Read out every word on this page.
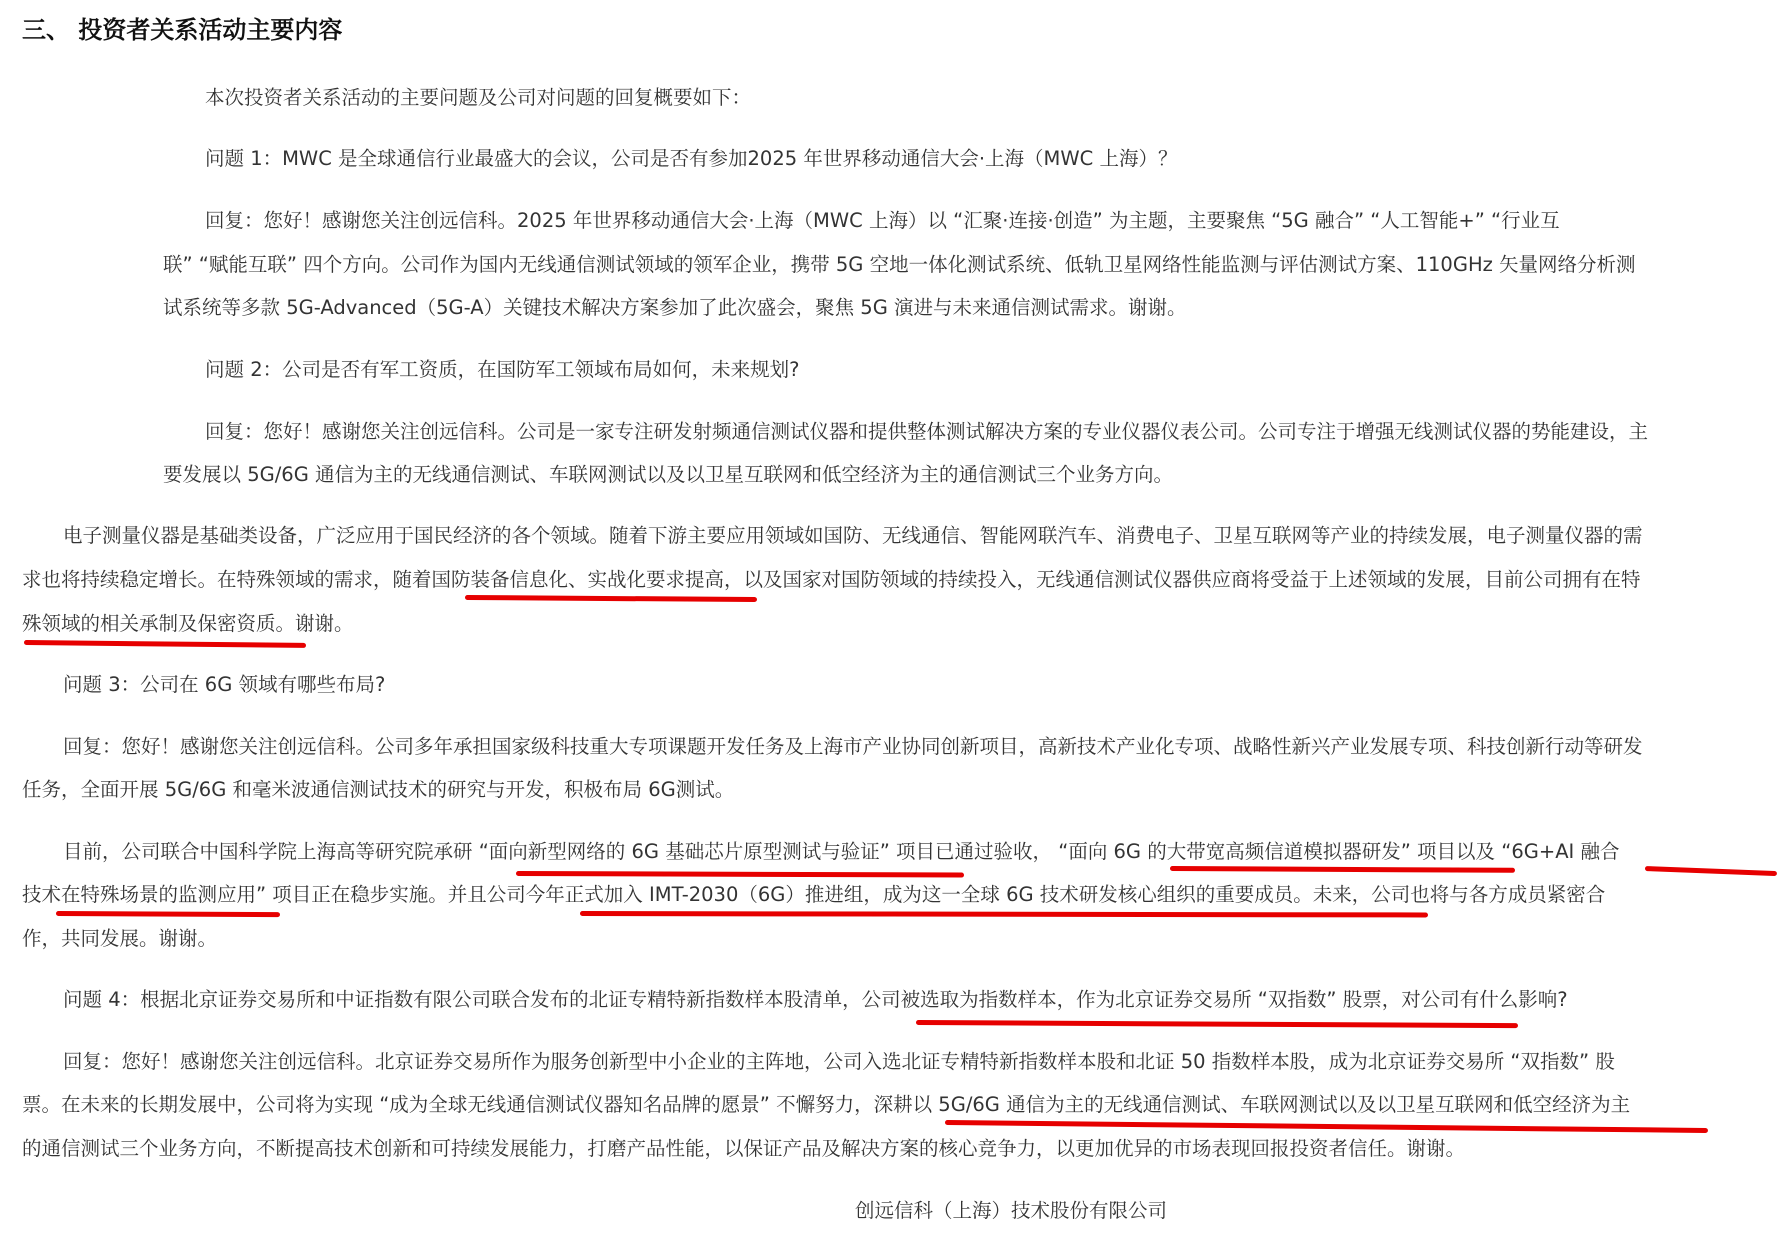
三、 投资者关系活动主要内容
本次投资者关系活动的主要问题及公司对问题的回复概要如下：
问题 1：MWC 是全球通信行业最盛大的会议，公司是否有参加2025 年世界移动通信大会·上海（MWC 上海）？
回复：您好！感谢您关注创远信科。2025 年世界移动通信大会·上海（MWC 上海）以 “汇聚·连接·创造” 为主题，主要聚焦 “5G 融合” “人工智能+” “行业互
联” “赋能互联” 四个方向。公司作为国内无线通信测试领域的领军企业，携带 5G 空地一体化测试系统、低轨卫星网络性能监测与评估测试方案、110GHz 矢量网络分析测
试系统等多款 5G-Advanced（5G-A）关键技术解决方案参加了此次盛会，聚焦 5G 演进与未来通信测试需求。谢谢。
问题 2：公司是否有军工资质，在国防军工领域布局如何，未来规划?
回复：您好！感谢您关注创远信科。公司是一家专注研发射频通信测试仪器和提供整体测试解决方案的专业仪器仪表公司。公司专注于增强无线测试仪器的势能建设，主
要发展以 5G/6G 通信为主的无线通信测试、车联网测试以及以卫星互联网和低空经济为主的通信测试三个业务方向。
电子测量仪器是基础类设备，广泛应用于国民经济的各个领域。随着下游主要应用领域如国防、无线通信、智能网联汽车、消费电子、卫星互联网等产业的持续发展，电子测量仪器的需
求也将持续稳定增长。在特殊领域的需求，随着国防装备信息化、实战化要求提高，以及国家对国防领域的持续投入，无线通信测试仪器供应商将受益于上述领域的发展，目前公司拥有在特
殊领域的相关承制及保密资质。谢谢。
问题 3：公司在 6G 领域有哪些布局?
回复：您好！感谢您关注创远信科。公司多年承担国家级科技重大专项课题开发任务及上海市产业协同创新项目，高新技术产业化专项、战略性新兴产业发展专项、科技创新行动等研发
任务，全面开展 5G/6G 和毫米波通信测试技术的研究与开发，积极布局 6G测试。
目前，公司联合中国科学院上海高等研究院承研 “面向新型网络的 6G 基础芯片原型测试与验证” 项目已通过验收， “面向 6G 的大带宽高频信道模拟器研发” 项目以及 “6G+AI 融合
技术在特殊场景的监测应用” 项目正在稳步实施。并且公司今年正式加入 IMT-2030（6G）推进组，成为这一全球 6G 技术研发核心组织的重要成员。未来，公司也将与各方成员紧密合
作，共同发展。谢谢。
问题 4：根据北京证券交易所和中证指数有限公司联合发布的北证专精特新指数样本股清单，公司被选取为指数样本，作为北京证券交易所 “双指数” 股票，对公司有什么影响?
回复：您好！感谢您关注创远信科。北京证券交易所作为服务创新型中小企业的主阵地，公司入选北证专精特新指数样本股和北证 50 指数样本股，成为北京证券交易所 “双指数” 股
票。在未来的长期发展中，公司将为实现 “成为全球无线通信测试仪器知名品牌的愿景” 不懈努力，深耕以 5G/6G 通信为主的无线通信测试、车联网测试以及以卫星互联网和低空经济为主
的通信测试三个业务方向，不断提高技术创新和可持续发展能力，打磨产品性能，以保证产品及解决方案的核心竞争力，以更加优异的市场表现回报投资者信任。谢谢。
创远信科（上海）技术股份有限公司
